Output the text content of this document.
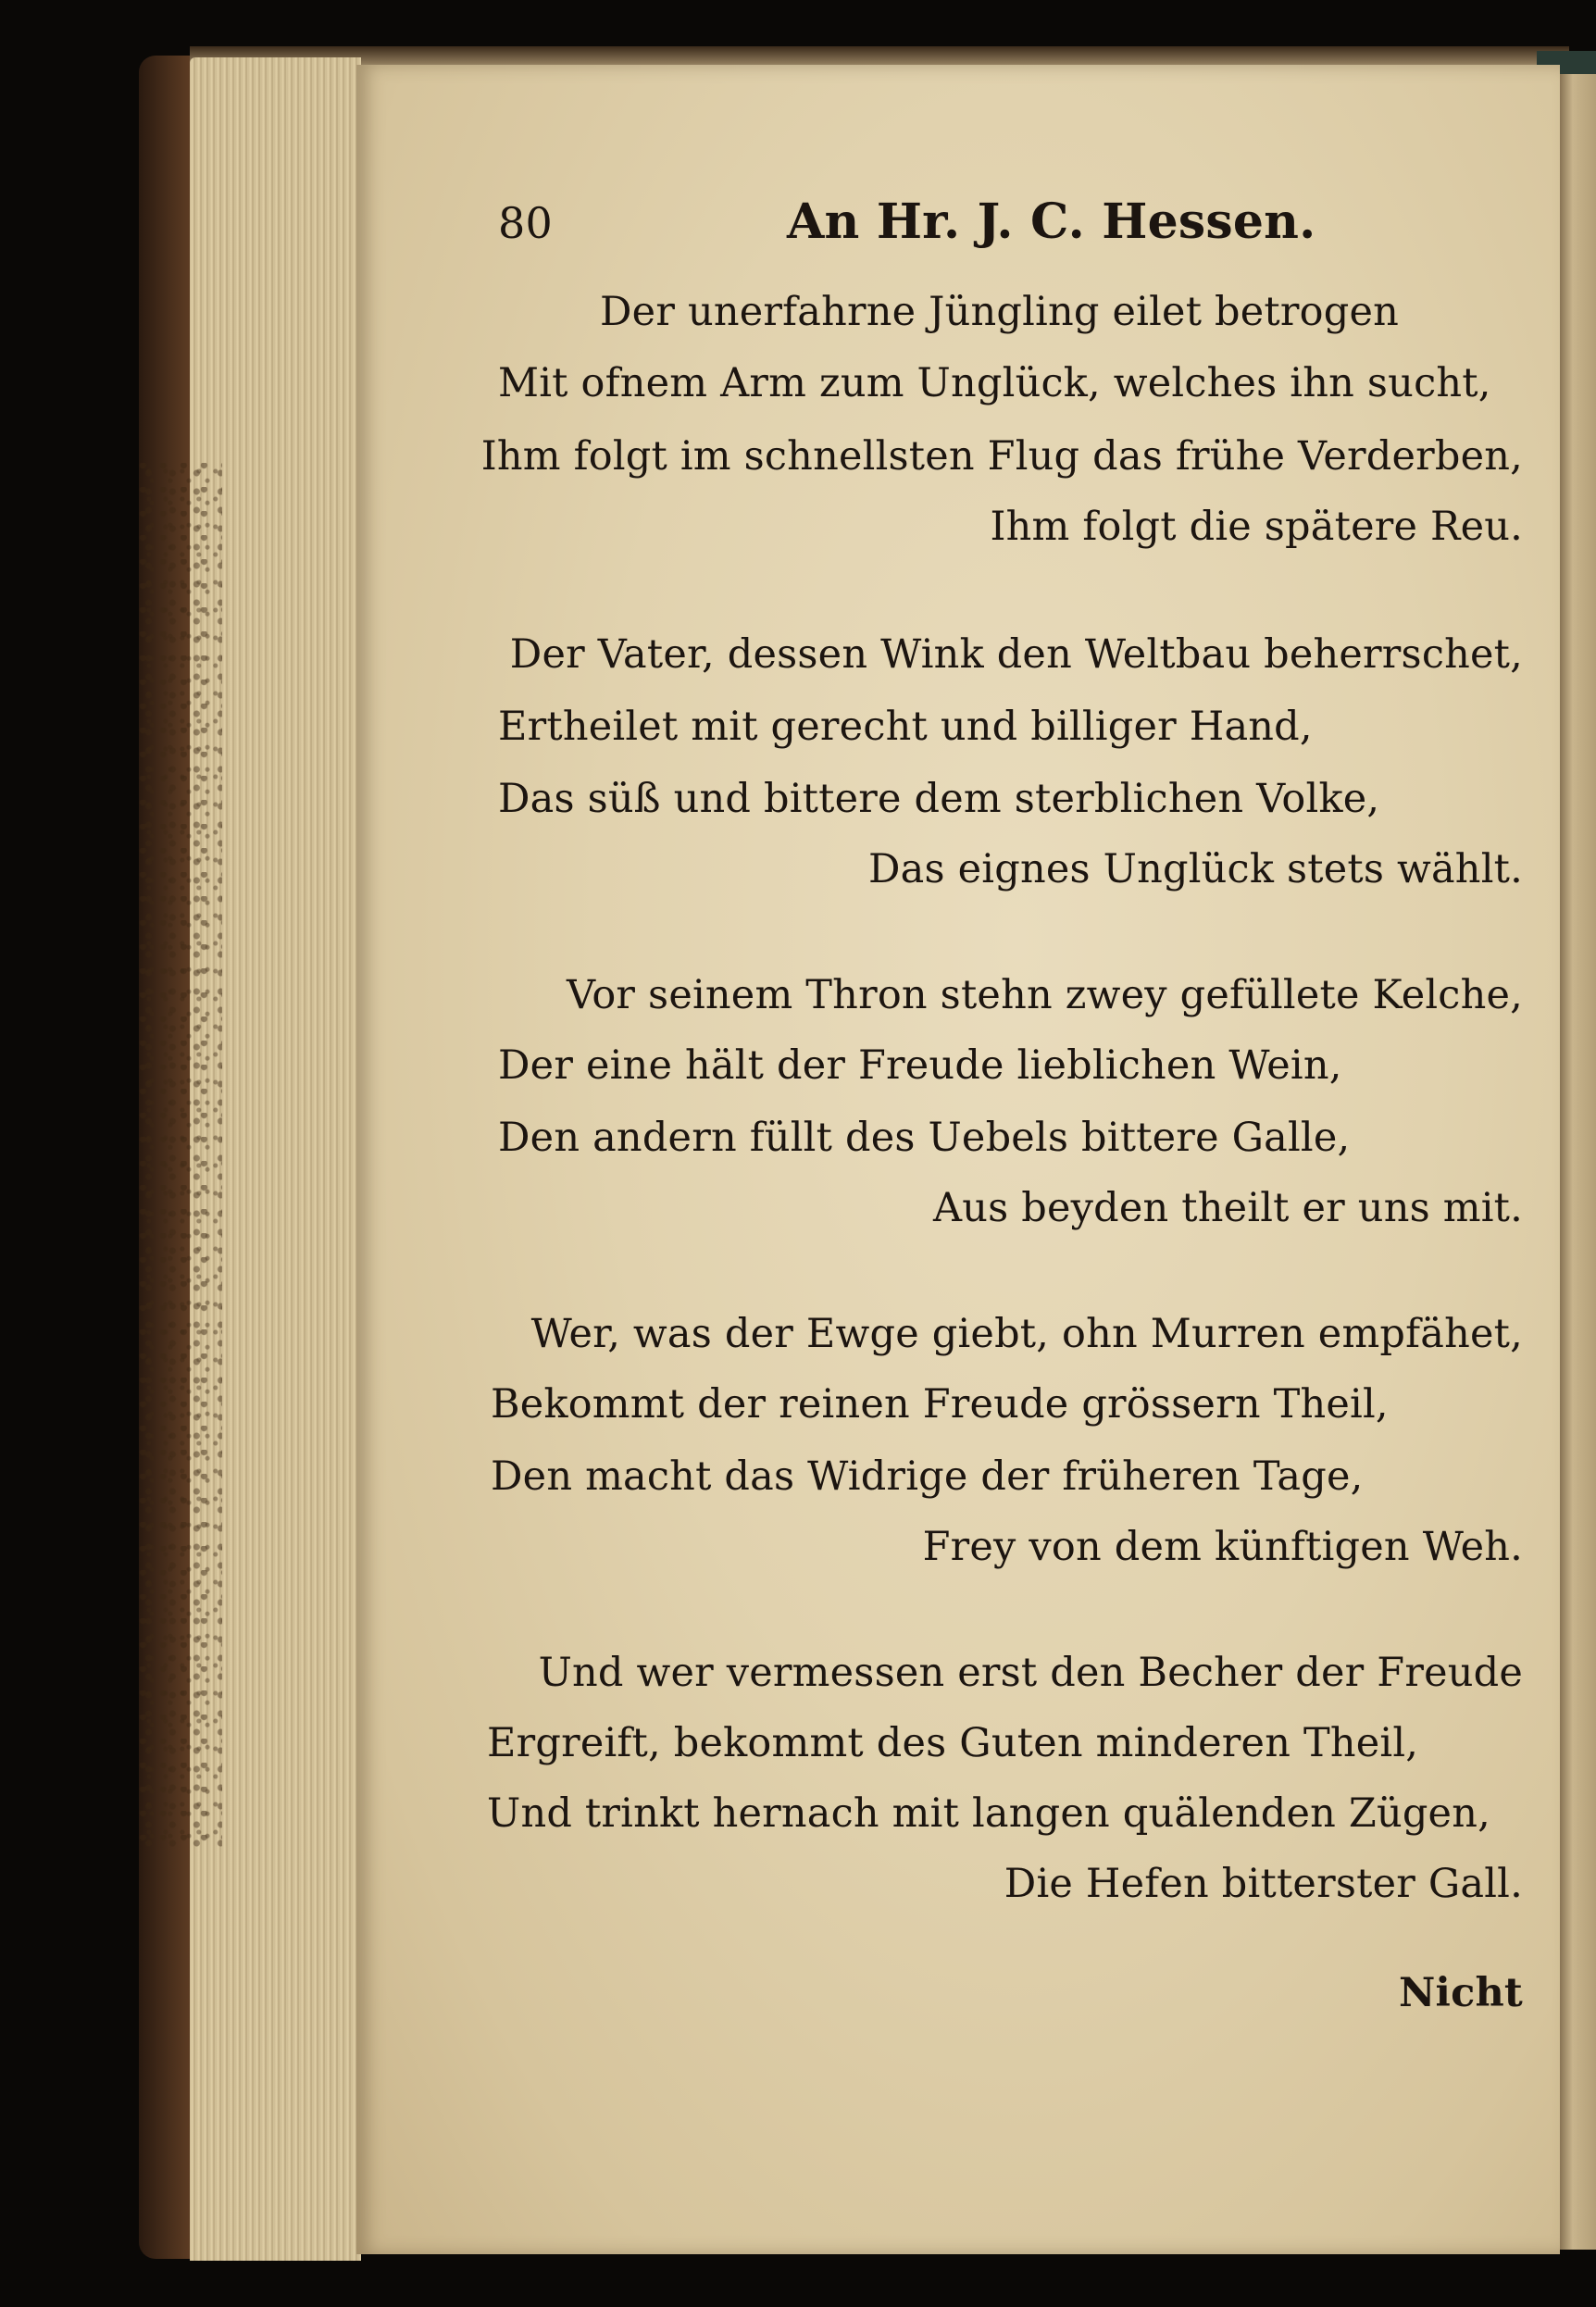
80	An Hr. J. C. Hessen.
Der unerfahrne Jüngling eilet betrogen
Mit ofnem Arm zum Unglück, welches ihn sucht,
Ihm folgt im schnellsten Flug das frühe Verderben,
Ihm folgt die spätere Reu.
Der Vater, dessen Wink den Weltbau beherrschet,
Ertheilet mit gerecht und billiger Hand,
Das süß und bittere dem sterblichen Volke,
Das eignes Unglück stets wählt.
Vor seinem Thron stehn zwey gefüllete Kelche,
Der eine hält der Freude lieblichen Wein,
Den andern füllt des Uebels bittere Galle,
Aus beyden theilt er uns mit.
Wer, was der Ewge giebt, ohn Murren empfähet,
Bekommt der reinen Freude grössern Theil,
Den macht das Widrige der früheren Tage,
Frey von dem künftigen Weh.
Und wer vermessen erst den Becher der Freude
Ergreift, bekommt des Guten minderen Theil,
Und trinkt hernach mit langen quälenden Zügen,
Die Hefen bitterster Gall.
Nicht
